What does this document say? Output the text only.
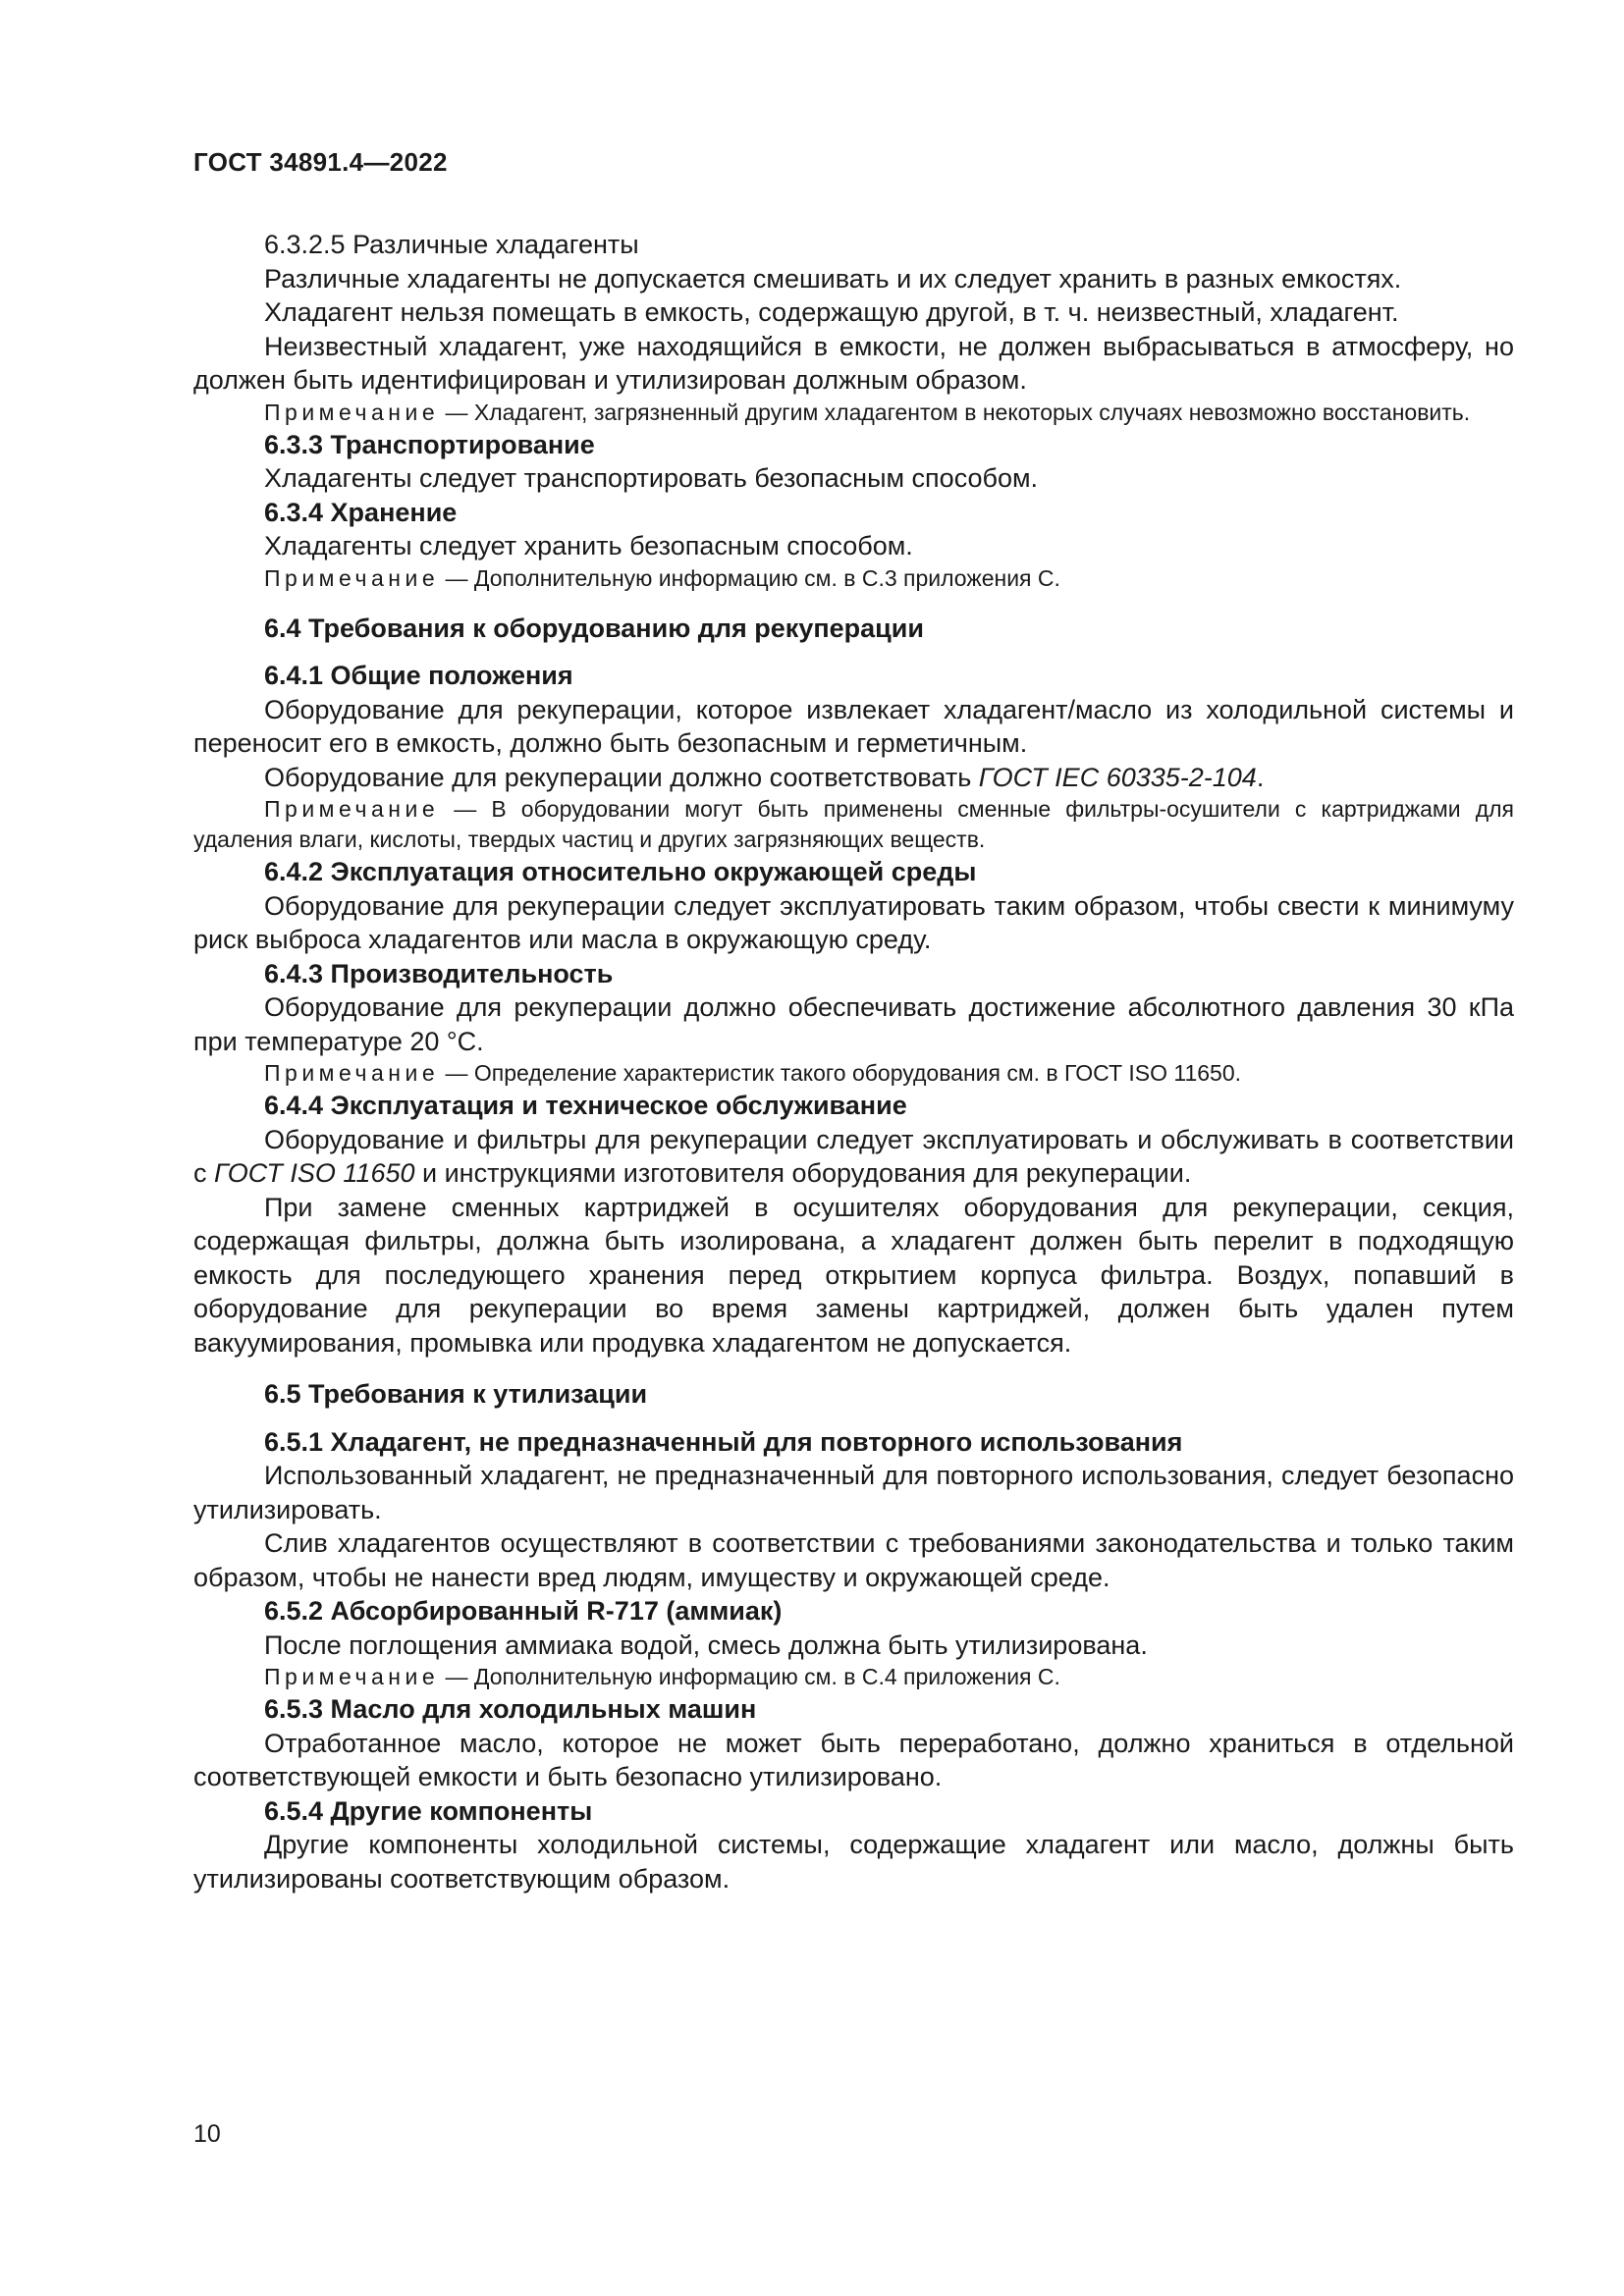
ГОСТ 34891.4—2022

6.3.2.5 Различные хладагенты

Различные хладагенты не допускается смешивать и их следует хранить в разных емкостях.

Хладагент нельзя помещать в емкость, содержащую другой, в т. ч. неизвестный, хладагент.

Неизвестный хладагент, уже находящийся в емкости, не должен выбрасываться в атмосферу, но должен быть идентифицирован и утилизирован должным образом.

Примечание — Хладагент, загрязненный другим хладагентом в некоторых случаях невозможно восстановить.

6.3.3 Транспортирование

Хладагенты следует транспортировать безопасным способом.

6.3.4 Хранение

Хладагенты следует хранить безопасным способом.

Примечание — Дополнительную информацию см. в С.3 приложения С.

6.4 Требования к оборудованию для рекуперации

6.4.1 Общие положения

Оборудование для рекуперации, которое извлекает хладагент/масло из холодильной системы и переносит его в емкость, должно быть безопасным и герметичным.

Оборудование для рекуперации должно соответствовать ГОСТ IEC 60335-2-104.

Примечание — В оборудовании могут быть применены сменные фильтры-осушители с картриджами для удаления влаги, кислоты, твердых частиц и других загрязняющих веществ.

6.4.2 Эксплуатация относительно окружающей среды

Оборудование для рекуперации следует эксплуатировать таким образом, чтобы свести к минимуму риск выброса хладагентов или масла в окружающую среду.

6.4.3 Производительность

Оборудование для рекуперации должно обеспечивать достижение абсолютного давления 30 кПа при температуре 20 °С.

Примечание — Определение характеристик такого оборудования см. в ГОСТ ISO 11650.

6.4.4 Эксплуатация и техническое обслуживание

Оборудование и фильтры для рекуперации следует эксплуатировать и обслуживать в соответствии с ГОСТ ISO 11650 и инструкциями изготовителя оборудования для рекуперации.

При замене сменных картриджей в осушителях оборудования для рекуперации, секция, содержащая фильтры, должна быть изолирована, а хладагент должен быть перелит в подходящую емкость для последующего хранения перед открытием корпуса фильтра. Воздух, попавший в оборудование для рекуперации во время замены картриджей, должен быть удален путем вакуумирования, промывка или продувка хладагентом не допускается.

6.5 Требования к утилизации

6.5.1 Хладагент, не предназначенный для повторного использования

Использованный хладагент, не предназначенный для повторного использования, следует безопасно утилизировать.

Слив хладагентов осуществляют в соответствии с требованиями законодательства и только таким образом, чтобы не нанести вред людям, имуществу и окружающей среде.

6.5.2 Абсорбированный R-717 (аммиак)

После поглощения аммиака водой, смесь должна быть утилизирована.

Примечание — Дополнительную информацию см. в С.4 приложения С.

6.5.3 Масло для холодильных машин

Отработанное масло, которое не может быть переработано, должно храниться в отдельной соответствующей емкости и быть безопасно утилизировано.

6.5.4 Другие компоненты

Другие компоненты холодильной системы, содержащие хладагент или масло, должны быть утилизированы соответствующим образом.

10
